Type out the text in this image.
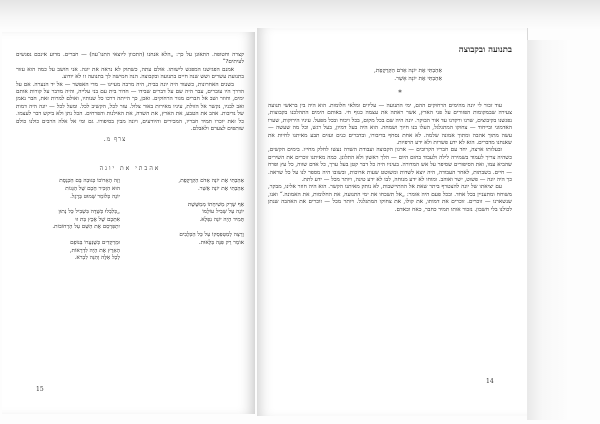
קצרה וחטופה. התאונן על כך: „הלא אנחנו (התכוון ליוצאי התנו־עה) — חברים. מדוע אינכם נפגשים לעיתים?“

אמנם הפגישנו המפגש לישותו. אולם עתה, כשתוק לא נראה את יונה. אני חושב על כמה הוא עזור בתנועת עשרים ושש שנה חיים בתנועה ובקבוצה. הנה חמישה לך בתנועה זו לא יודוע.

בשנים האחרונות, כשעוד היה יונה בבית, היה מרבה מעיינו — מדי האפשר — אל יד הנערה. אם על הדרך היו עוברים, עבר היה שם על דברים שבידו — חדור בית עם בני עלייה, והיה מדבר על קורות אותם ימים, וחוזר ושב אל חברים מגור הרחוקים. ואכן, כך הייתה דרכו כל שנותיו, ואולם למרות זאת, חבר נאמן ואב לבניו, נקשר אל הזולת, עיניו מאירות באור צלול. עזר לכל, הקשיב לכל. ומעל לכל — יונה היה דמות של נדיבות. אהב את הטבע, את הארץ, את השדה, את האילנות והפרחים. הכל נתן ולא ביקש דבר לעצמו. כל זאת יזכרו תמיד חבריו, המכירים והיודעים, ויונה מבין בסיפורו. גם ומי אל אלה הרבים כולנו כולם שותפים לצערם ולאבלם.

צרף מ.
אהבתי את יונה
אָהַבְתִּי אֶת יוֹנָה אָדֹם הַקַּרְקֶפֶת,
אָהַבְתִּי אֶת יוֹנָה אָשֵׁר.
אַף שֶׁרַק מְשִׁיחָתוֹ מְמַשֶּׁשֶׁת
יוֹנָה עַל שְׁבִיל עוֹלָמוֹ
תָּמִיד הָיָה יוֹנָה נִפְלָא.
וְרָצָה לְמִטְפַּסְקוֹ עַל כָּל הַכְּלָבִים
אוֹמֵר רַק פִּנָּה בַּלָּאוּת.
וְזֶה הָאָרוֹכוֹ כְּגוּבַה בָּם הַכְּנֶסֶת
הוּא הִזְכִּיר חָכָם שֶׁל הַגַּגוֹת
יוֹנָה כְּלוֹמַר שָׁמוּט בָּרֶגֶל.
„כְּלִבְלוּ כְּשֶׁדָה בִּשְׁבִיל כָּל נָתוּן
אִתְּכֶם שֶׁל אֶכֶץ בַּת זוּ
יִתְפַּרְסֵם אֶת הַשֵּׁם עַל הָרְחוֹבוֹת.
וּמְרַקְדִים כְּשֶׁנַּעֲרוֹ בְּנוֹפָם
הָאָרֶץ אֶת הָיָה לִדְרָאוֹת,
לְכָל אֵלֶּה וְהִנֵּה לִבְרֹא.
15
בתנועה ובקבוצה
אָהַבְתִּי אֶת יוֹנָה אָדֹם הַקַּרְקֶפֶת,
אָהַבְתִּי אֶת יוֹנָה אָשֵׁר.
*

עוד זכור לי יונה מהימים הרחוקים ההם, ימי התנועה — עליזים ומלאי חלומות. הוא היה בין בראשי תנועה צעירה שבמקומות הפזורים על פני הארץ, אשר ראתה את עצמה כגוף חי. באותם הימים התהלכנו בקבוצות, נפגשנו בקיבוצים, שרנו ורקדנו עד אור הבוקר. יונה היה שם בכל מקום, בכל ויכוח ובכל מפעל. עיניו הירוקות, שערו האדמוני ובייחוד — צחוקו המתגלגל, העלו בנו חיוך ושמחה. הוא היה בעל דמיון, בעל רגש, וכל מה שעשה — עשה מתוך אהבה ומתוך אמונה שלמה. לא אחת נסחף בדיבורו, ובדברים כנים ועזים תבע מאיתנו לחיות את שאנחנו מדברים. הוא לא ידע פשרות ולא ידע הרפיות.

ובעלותו ארצה, יחד עם חבריו הקרובים — ארגון הקבוצה ועבודת השדה נעשו לחלק מחייו. בימים הקשים, כשהיה צריך לעמוד בשמירה לילה ולעבוד בחום היום — הלך ראשון ולא התלונן. כמה מאיתנו זוכרים את השירים שהביא עמו, ואת הסיפורים שסיפר על אש המדורה. בעיניו היה כל דבר קטן בעל ערך, כל אדם שווה, כל עץ ופרח — חיים. בשבתות, לאחר העבודה, היה יוצא לשדות ומשוטט שעות ארוכות, ובשובו היה מספר לנו על כל שראה. כך היה יונה — פשוט, ישר ואוהב. ומוחו לא ידע מנוחה, לבו לא ידע טינה, ויותר מכל — ידע לתת.

עם יציאתו של יונה להצטרף ביתר שאת אל ההתיישבות, לא נותק מאיתנו הקשר. הוא היה חוזר אלינו, מבקר, משוחח ומתעניין בכל אחד. ובכל פעם היה אומר: „אל תשכחו את ימי התנועה, את החלומות, את האמונה.“ ואנו, שנשארנו — זוכרים. זוכרים את דמותו, את קולו, את צחוקו המתגלגל. ויותר מכל — זוכרים את האהבה שנתן לכולנו בלי חשבון. נזכור אותו תמיד כחבר, כאח וכאדם.

14
